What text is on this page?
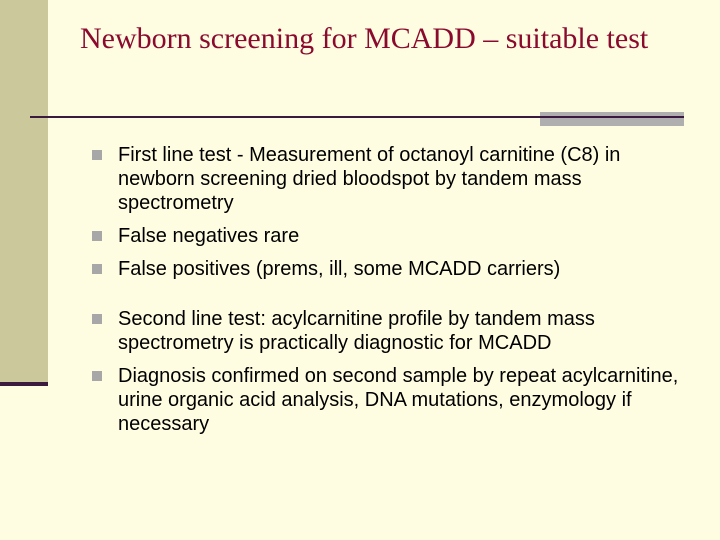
Newborn screening for MCADD – suitable test
First line test - Measurement of octanoyl carnitine (C8) in newborn screening dried bloodspot by tandem mass spectrometry
False negatives rare
False positives (prems, ill, some MCADD carriers)
Second line test: acylcarnitine profile by tandem mass spectrometry is practically diagnostic for MCADD
Diagnosis confirmed on second sample by repeat acylcarnitine, urine organic acid analysis, DNA mutations, enzymology if necessary
